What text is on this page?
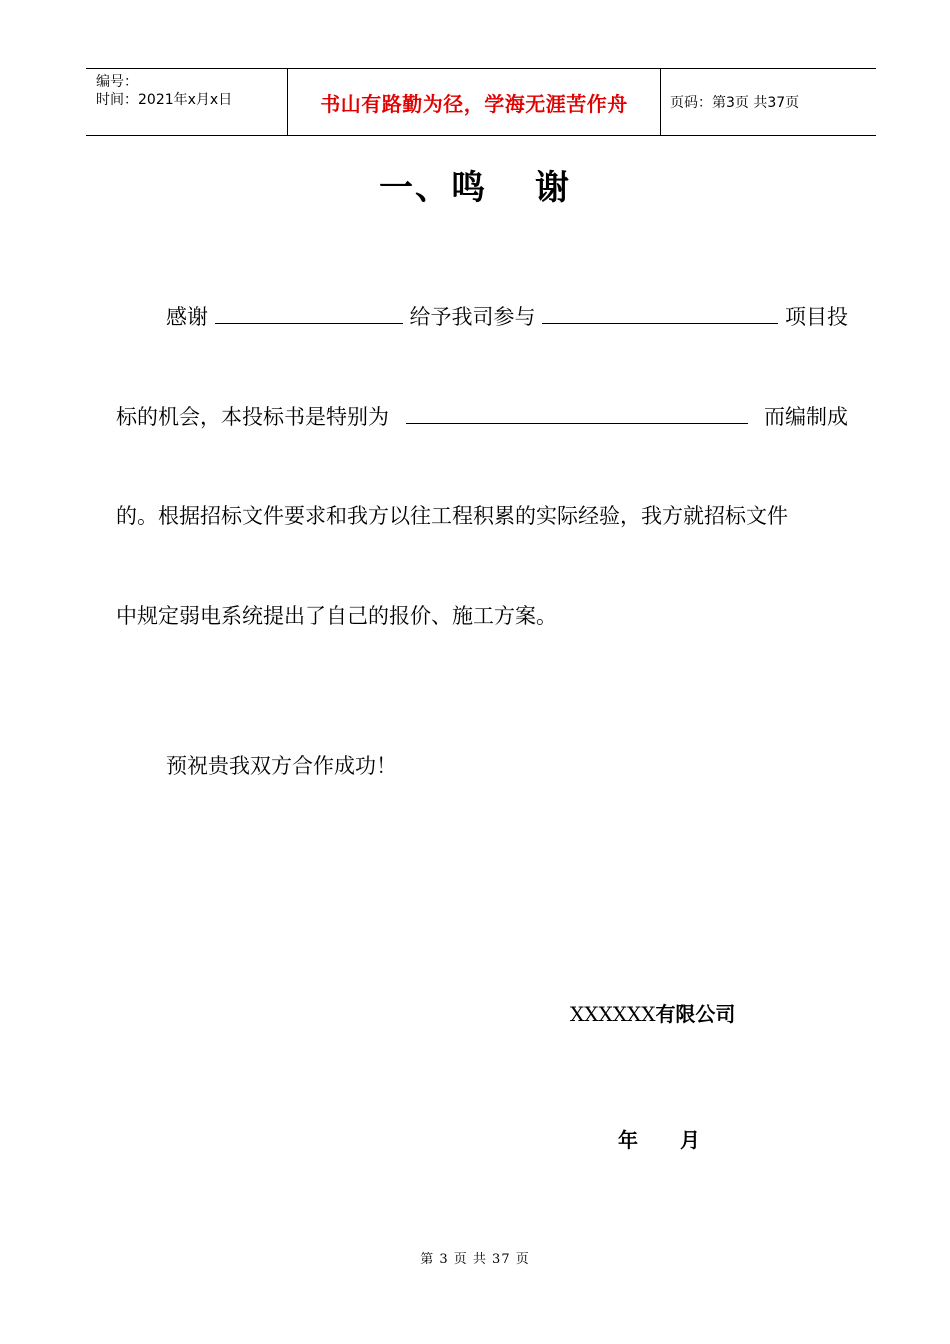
编号：
时间：2021年x月x日	书山有路勤为径，学海无涯苦作舟	页码：第3页 共37页
一、鸣 谢
感谢	给予我司参与	项目投
标的机会，本投标书是特别为	而编制成
的。根据招标文件要求和我方以往工程积累的实际经验，我方就招标文件
中规定弱电系统提出了自己的报价、施工方案。
预祝贵我双方合作成功！
XXXXXX有限公司
年 月
第 3 页 共 37 页
